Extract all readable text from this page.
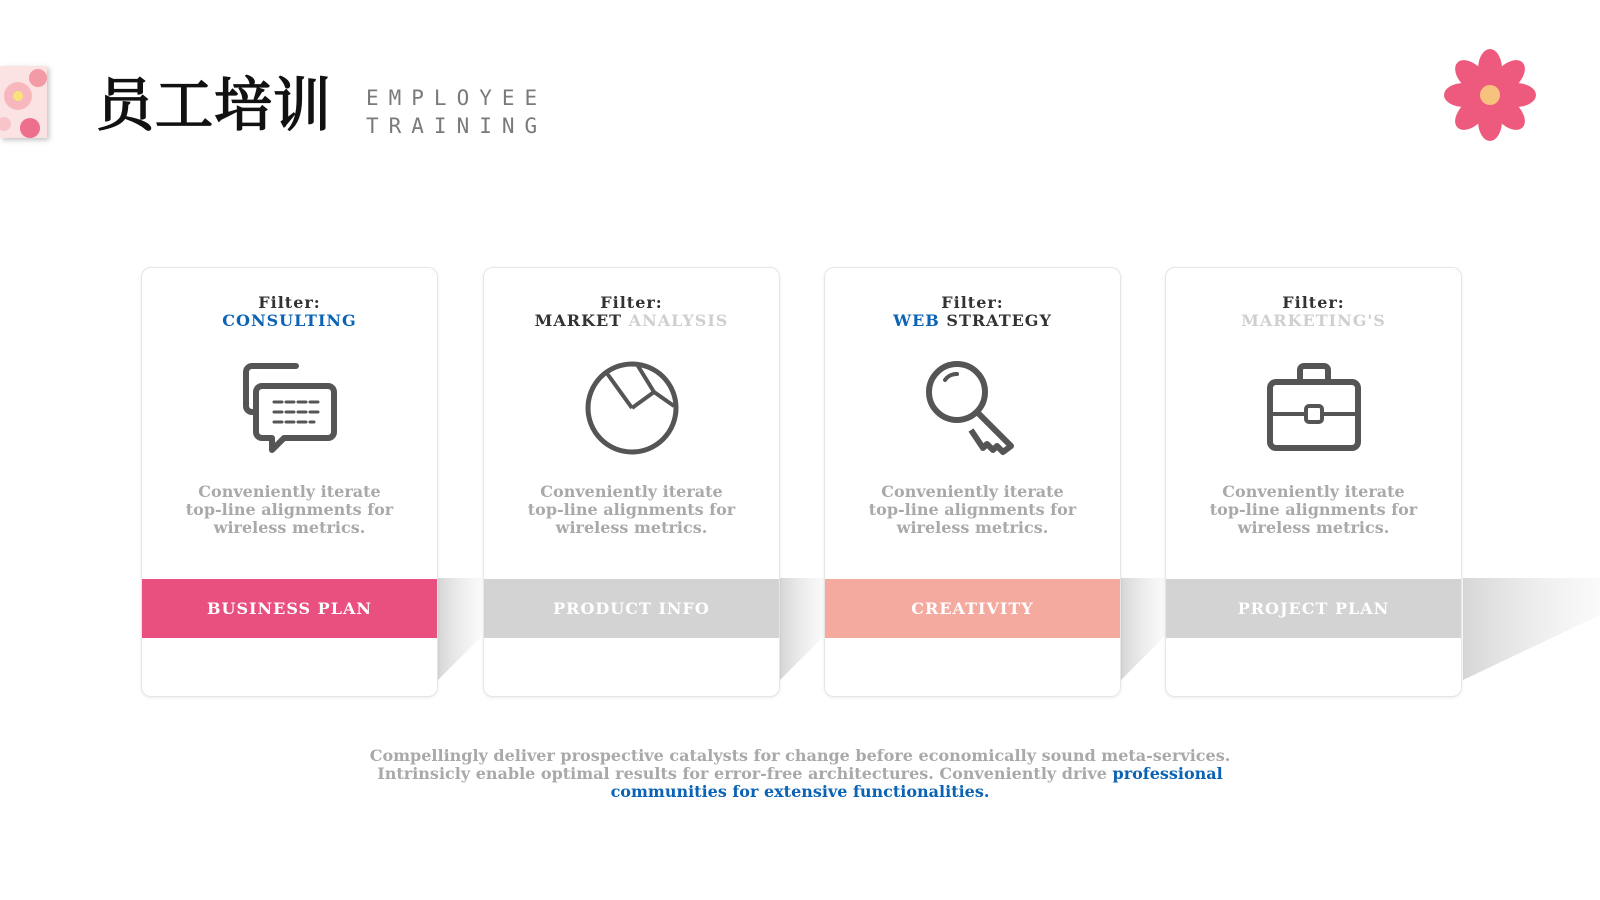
员工培训 EMPLOYEE
TRAINING
Filter:
CONSULTING
Conveniently iterate top-line alignments for wireless metrics.
BUSINESS PLAN
Filter:
MARKET ANALYSIS
Conveniently iterate top-line alignments for wireless metrics.
PRODUCT INFO
Filter:
WEB STRATEGY
Conveniently iterate top-line alignments for wireless metrics.
CREATIVITY
Filter:
MARKETING'S
Conveniently iterate top-line alignments for wireless metrics.
PROJECT PLAN
Compellingly deliver prospective catalysts for change before economically sound meta-services. Intrinsicly enable optimal results for error-free architectures. Conveniently drive professional communities for extensive functionalities.
